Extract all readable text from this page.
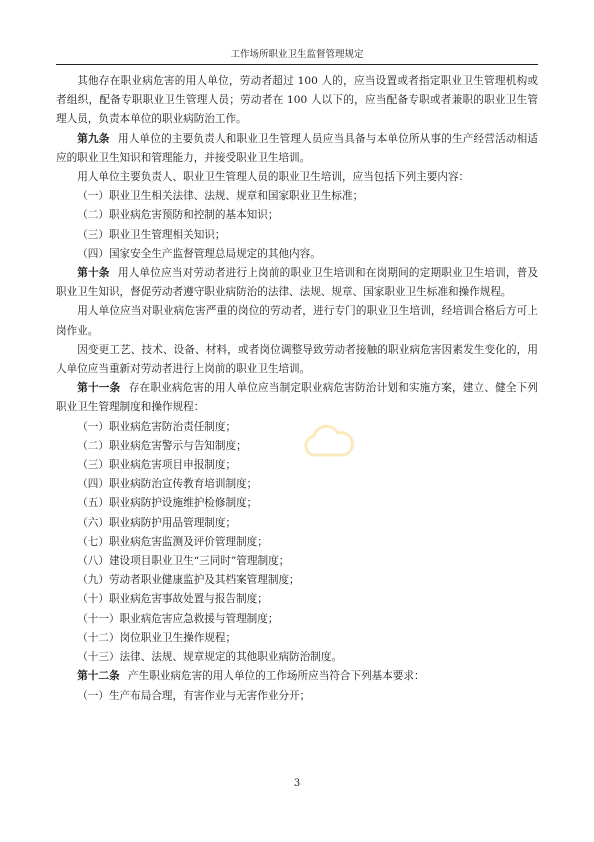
工作场所职业卫生监督管理规定

其他存在职业病危害的用人单位，劳动者超过 100 人的，应当设置或者指定职业卫生管理机构或者组织，配备专职职业卫生管理人员；劳动者在 100 人以下的，应当配备专职或者兼职的职业卫生管理人员，负责本单位的职业病防治工作。

第九条 用人单位的主要负责人和职业卫生管理人员应当具备与本单位所从事的生产经营活动相适应的职业卫生知识和管理能力，并接受职业卫生培训。

用人单位主要负责人、职业卫生管理人员的职业卫生培训，应当包括下列主要内容：

（一）职业卫生相关法律、法规、规章和国家职业卫生标准；

（二）职业病危害预防和控制的基本知识；

（三）职业卫生管理相关知识；

（四）国家安全生产监督管理总局规定的其他内容。

第十条 用人单位应当对劳动者进行上岗前的职业卫生培训和在岗期间的定期职业卫生培训，普及职业卫生知识，督促劳动者遵守职业病防治的法律、法规、规章、国家职业卫生标准和操作规程。

用人单位应当对职业病危害严重的岗位的劳动者，进行专门的职业卫生培训，经培训合格后方可上岗作业。

因变更工艺、技术、设备、材料，或者岗位调整导致劳动者接触的职业病危害因素发生变化的，用人单位应当重新对劳动者进行上岗前的职业卫生培训。

第十一条 存在职业病危害的用人单位应当制定职业病危害防治计划和实施方案，建立、健全下列职业卫生管理制度和操作规程：

（一）职业病危害防治责任制度；

（二）职业病危害警示与告知制度；

（三）职业病危害项目申报制度；

（四）职业病防治宣传教育培训制度；

（五）职业病防护设施维护检修制度；

（六）职业病防护用品管理制度；

（七）职业病危害监测及评价管理制度；

（八）建设项目职业卫生“三同时”管理制度；

（九）劳动者职业健康监护及其档案管理制度；

（十）职业病危害事故处置与报告制度；

（十一）职业病危害应急救援与管理制度；

（十二）岗位职业卫生操作规程；

（十三）法律、法规、规章规定的其他职业病防治制度。

第十二条 产生职业病危害的用人单位的工作场所应当符合下列基本要求：

（一）生产布局合理，有害作业与无害作业分开；

3
